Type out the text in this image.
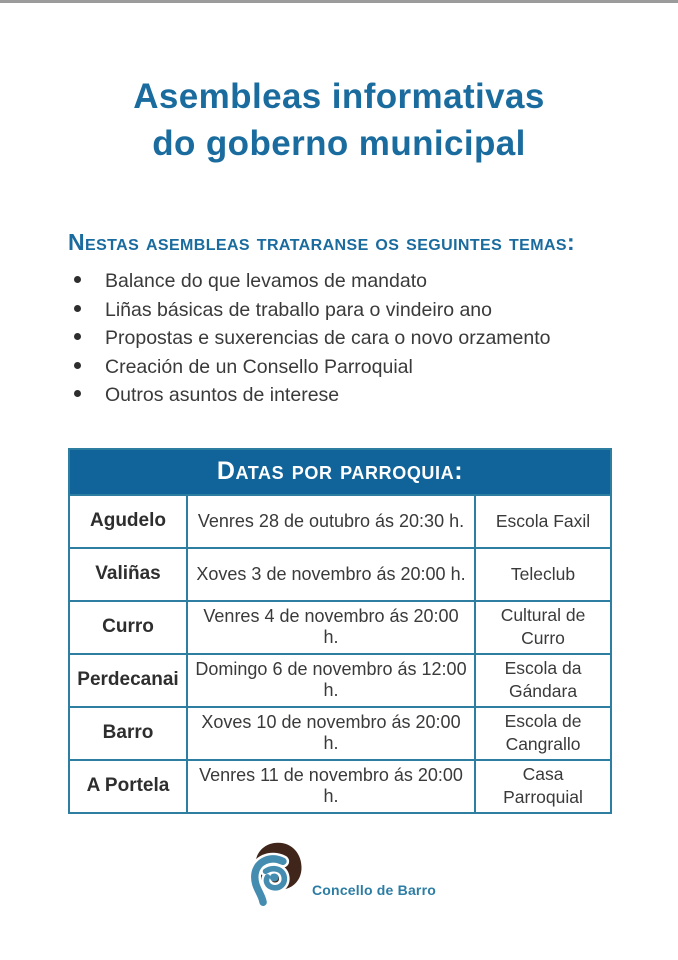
Asembleas informativas
do goberno municipal
Nestas asembleas trataranse os seguintes temas:
Balance do que levamos de mandato
Liñas básicas de traballo para o vindeiro ano
Propostas e suxerencias de cara o novo orzamento
Creación de un Consello Parroquial
Outros asuntos de interese
Datas por parroquia:		
Agudelo	Venres 28 de outubro ás 20:30 h.	Escola Faxil
Valiñas	Xoves 3 de novembro ás 20:00 h.	Teleclub
Curro	Venres 4 de novembro ás 20:00 h.	Cultural de Curro
Perdecanai	Domingo 6 de novembro ás 12:00 h.	Escola da Gándara
Barro	Xoves 10 de novembro ás 20:00 h.	Escola de Cangrallo
A Portela	Venres 11 de novembro ás 20:00 h.	Casa Parroquial
Concello de Barro
